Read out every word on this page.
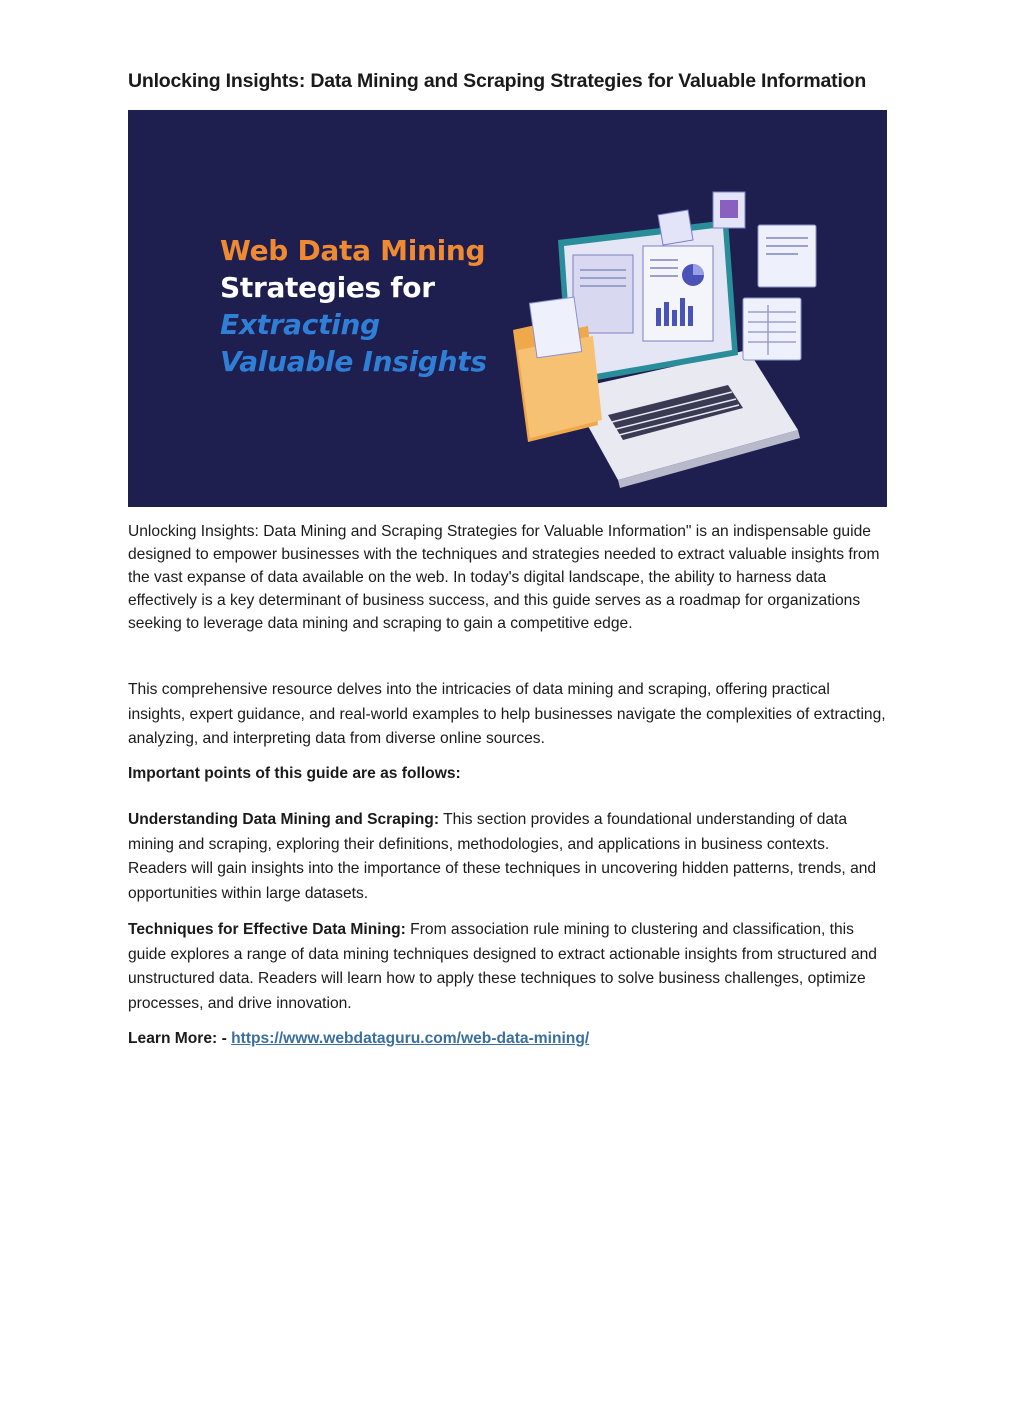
Unlocking Insights: Data Mining and Scraping Strategies for Valuable Information
Web Data Mining
Strategies for
Extracting
Valuable Insights

Unlocking Insights: Data Mining and Scraping Strategies for Valuable Information" is an indispensable guide designed to empower businesses with the techniques and strategies needed to extract valuable insights from the vast expanse of data available on the web. In today's digital landscape, the ability to harness data effectively is a key determinant of business success, and this guide serves as a roadmap for organizations seeking to leverage data mining and scraping to gain a competitive edge.

This comprehensive resource delves into the intricacies of data mining and scraping, offering practical insights, expert guidance, and real-world examples to help businesses navigate the complexities of extracting, analyzing, and interpreting data from diverse online sources.

Important points of this guide are as follows:

Understanding Data Mining and Scraping: This section provides a foundational understanding of data mining and scraping, exploring their definitions, methodologies, and applications in business contexts. Readers will gain insights into the importance of these techniques in uncovering hidden patterns, trends, and opportunities within large datasets.

Techniques for Effective Data Mining: From association rule mining to clustering and classification, this guide explores a range of data mining techniques designed to extract actionable insights from structured and unstructured data. Readers will learn how to apply these techniques to solve business challenges, optimize processes, and drive innovation.

Learn More: - https://www.webdataguru.com/web-data-mining/
